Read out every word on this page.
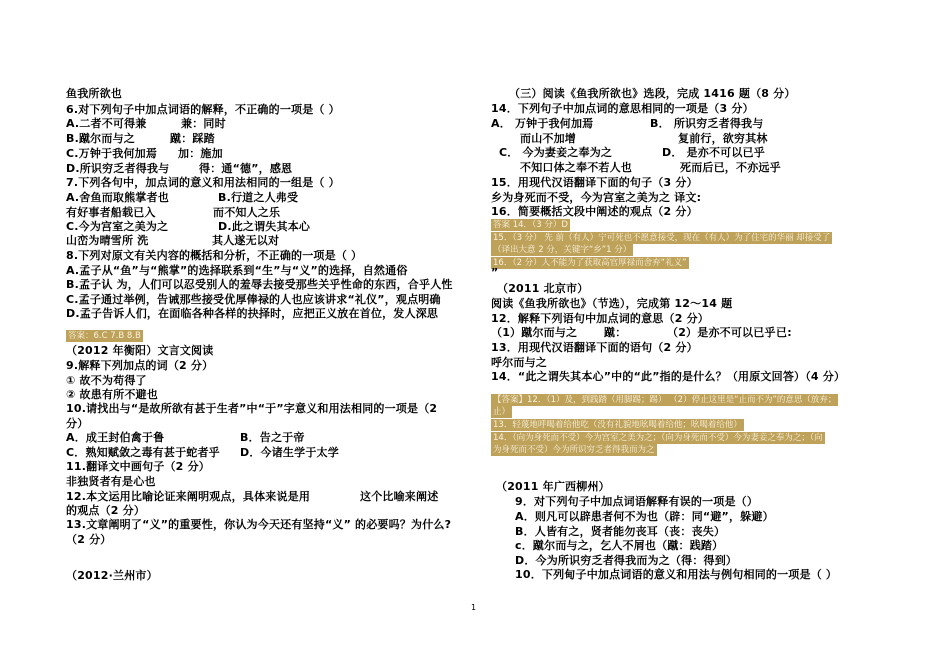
鱼我所欲也
6.对下列句子中加点词语的解释，不正确的一项是（ ）
A.二者不可得兼	兼：同时
B.蹴尔而与之	蹴：踩踏
C.万钟于我何加焉 加：施加
D.所识穷乏者得我与	得：通“德”，感恩
7.下列各句中，加点词的意义和用法相同的一组是（ ）
A.舍鱼而取熊掌者也	B.行道之人弗受
有好事者船载已入	而不知人之乐
C.今为宫室之美为之	D.此之谓失其本心
山峦为晴雪所 洗	其人遂无以对
8.下列对原文有关内容的概括和分析，不正确的一项是（ ）
A.孟子从“鱼”与“熊掌”的选择联系到“生”与“义”的选择，自然通俗
B.孟子认 为，人们可以忍受别人的羞辱去接受那些关乎性命的东西，合乎人性
C.孟子通过举例，告诫那些接受优厚俸禄的人也应该讲求“礼仪”，观点明确
D.孟子告诉人们，在面临各种各样的抉择时，应把正义放在首位，发人深思
答案：6.C 7.B 8.B
（2012 年衡阳）文言文阅读
9.解释下列加点的词（2 分）
① 故不为苟得了
② 故患有所不避也
10.请找出与“是故所欲有甚于生者”中“于”字意义和用法相同的一项是（2
分）
A．成王封伯禽于鲁	B．告之于帝
C．熟知赋敛之毒有甚于蛇者乎 D．今诸生学于太学
11.翻译文中画句子（2 分）
非独贤者有是心也
12.本文运用比喻论证来阐明观点，具体来说是用	这个比喻来阐述
的观点（2 分）
13.文章阐明了“义”的重要性，你认为今天还有坚持“义” 的必要吗？为什么?
（2 分）
（2012·兰州市）
（三）阅读《鱼我所欲也》选段，完成 1416 题（8 分）
14．下列句子中加点词的意思相同的一项是（3 分）
A． 万钟于我何加焉	B． 所识穷乏者得我与
而山不加增	复前行，欲穷其林
C． 今为妻妾之奉为之	D． 是亦不可以已乎
不知口体之奉不若人也	死而后已，不亦远乎
15．用现代汉语翻译下面的句子（3 分）
乡为身死而不受，今为宫室之美为之 译文:
16．简要概括文段中阐述的观点（2 分）
答案 14．（3 分）D
15．（3 分） 先 前（有人）宁可死也不愿意接受，现在（有人）为了住宅的华丽 却接受了
（译出大意 2 分，关键字“乡”1 分）
16．（2 分）人不能为了获取高官厚禄而舍弃“礼义”
”
（2011 北京市）
阅读《鱼我所欲也》（节选），完成第 12～14 题
12．解释下列语句中加点词的意思（2 分）
（1）蹴尔而与之 蹴：	（2）是亦不可以已乎已:
13．用现代汉语翻译下面的语句（2 分）
呼尔而与之
14．“此之谓失其本心”中的“此”指的是什么？（用原文回答）（4 分）
【答案】12．（1）及，到践踏（用脚踢；踢） （2）停止这里是“止而不为”的意思（放弃；
止）
13．轻蔑地呼喝着给他吃（没有礼貌地吆喝着给他；吆喝着给他）
14．（向为身死而不受）今为宫室之美为之；（向为身死而不受）今为妻妾之奉为之；（向
为身死而不受）今为所识穷乏者得我而为之
（2011 年广西柳州）
9．对下列句子中加点词语解释有误的一项是（）
A．则凡可以辟患者何不为也（辟：同“避”，躲避）
B．人皆有之，贤者能勿丧耳（丧：丧失）
c．蹴尔而与之，乞人不屑也（蹴：践踏）
D．今为所识穷乏者得我而为之（得：得到）
10．下列甸子中加点词语的意义和用法与例句相同的一项是（ ）
1
